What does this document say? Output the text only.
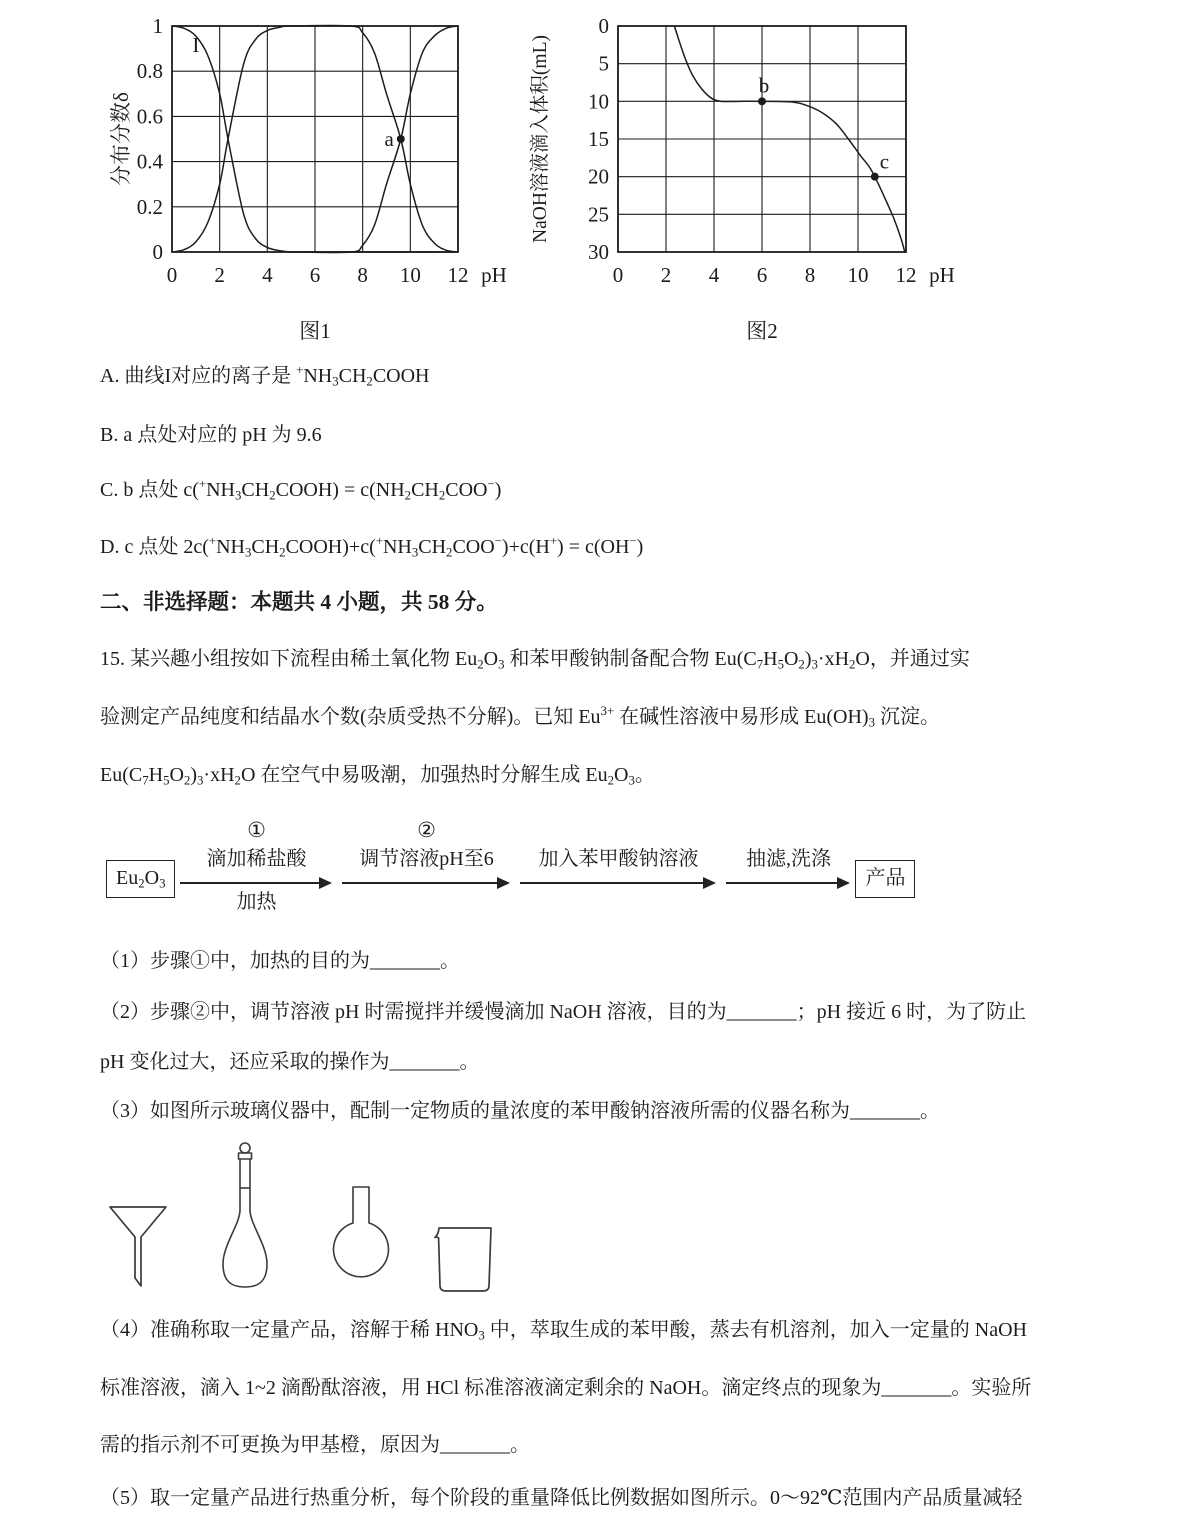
0 2 4 6 8 10 12 pH
0
0.2
0.4
0.6
0.8
1
分布分数δ	a
I
图1
0 2 4 6 8 10 12 pH
0
5
10
15
20
25
30
NaOH溶液滴入体积(mL)	b
c
图2
A. 曲线I对应的离子是 $^+NH_3CH_2COOH$
B. a 点处对应的 pH 为 9.6
C. b 点处 $c(^+NH_3CH_2COOH) = c(NH_2CH_2COO^-)$
D. c 点处 $2c(^+NH_3CH_2COOH)+c(^+NH_3CH_2COO^-)+c(H^+) = c(OH^-)$
二、非选择题：本题共 4 小题，共 58 分。
15. 某兴趣小组按如下流程由稀土氧化物 $Eu_2O_3$ 和苯甲酸钠制备配合物 $Eu(C_7H_5O_2)_3\cdot xH_2O$，并通过实
验测定产品纯度和结晶水个数(杂质受热不分解)。已知 $Eu^{3+}$ 在碱性溶液中易形成 $Eu(OH)_3$ 沉淀。
$Eu(C_7H_5O_2)_3\cdot xH_2O$ 在空气中易吸潮，加强热时分解生成 $Eu_2O_3$。
$Eu_2O_3$
①
滴加稀盐酸
加热
②
调节溶液pH至6	加入苯甲酸钠溶液	抽滤,洗涤
产品
（1）步骤①中，加热的目的为_______。
（2）步骤②中，调节溶液 pH 时需搅拌并缓慢滴加 NaOH 溶液，目的为_______；pH 接近 6 时，为了防止
pH 变化过大，还应采取的操作为_______。
（3）如图所示玻璃仪器中，配制一定物质的量浓度的苯甲酸钠溶液所需的仪器名称为_______。
（4）准确称取一定量产品，溶解于稀 $HNO_3$ 中，萃取生成的苯甲酸，蒸去有机溶剂，加入一定量的 NaOH
标准溶液，滴入 1~2 滴酚酞溶液，用 HCl 标准溶液滴定剩余的 NaOH。滴定终点的现象为_______。实验所
需的指示剂不可更换为甲基橙，原因为_______。
（5）取一定量产品进行热重分析，每个阶段的重量降低比例数据如图所示。0～92℃范围内产品质量减轻
